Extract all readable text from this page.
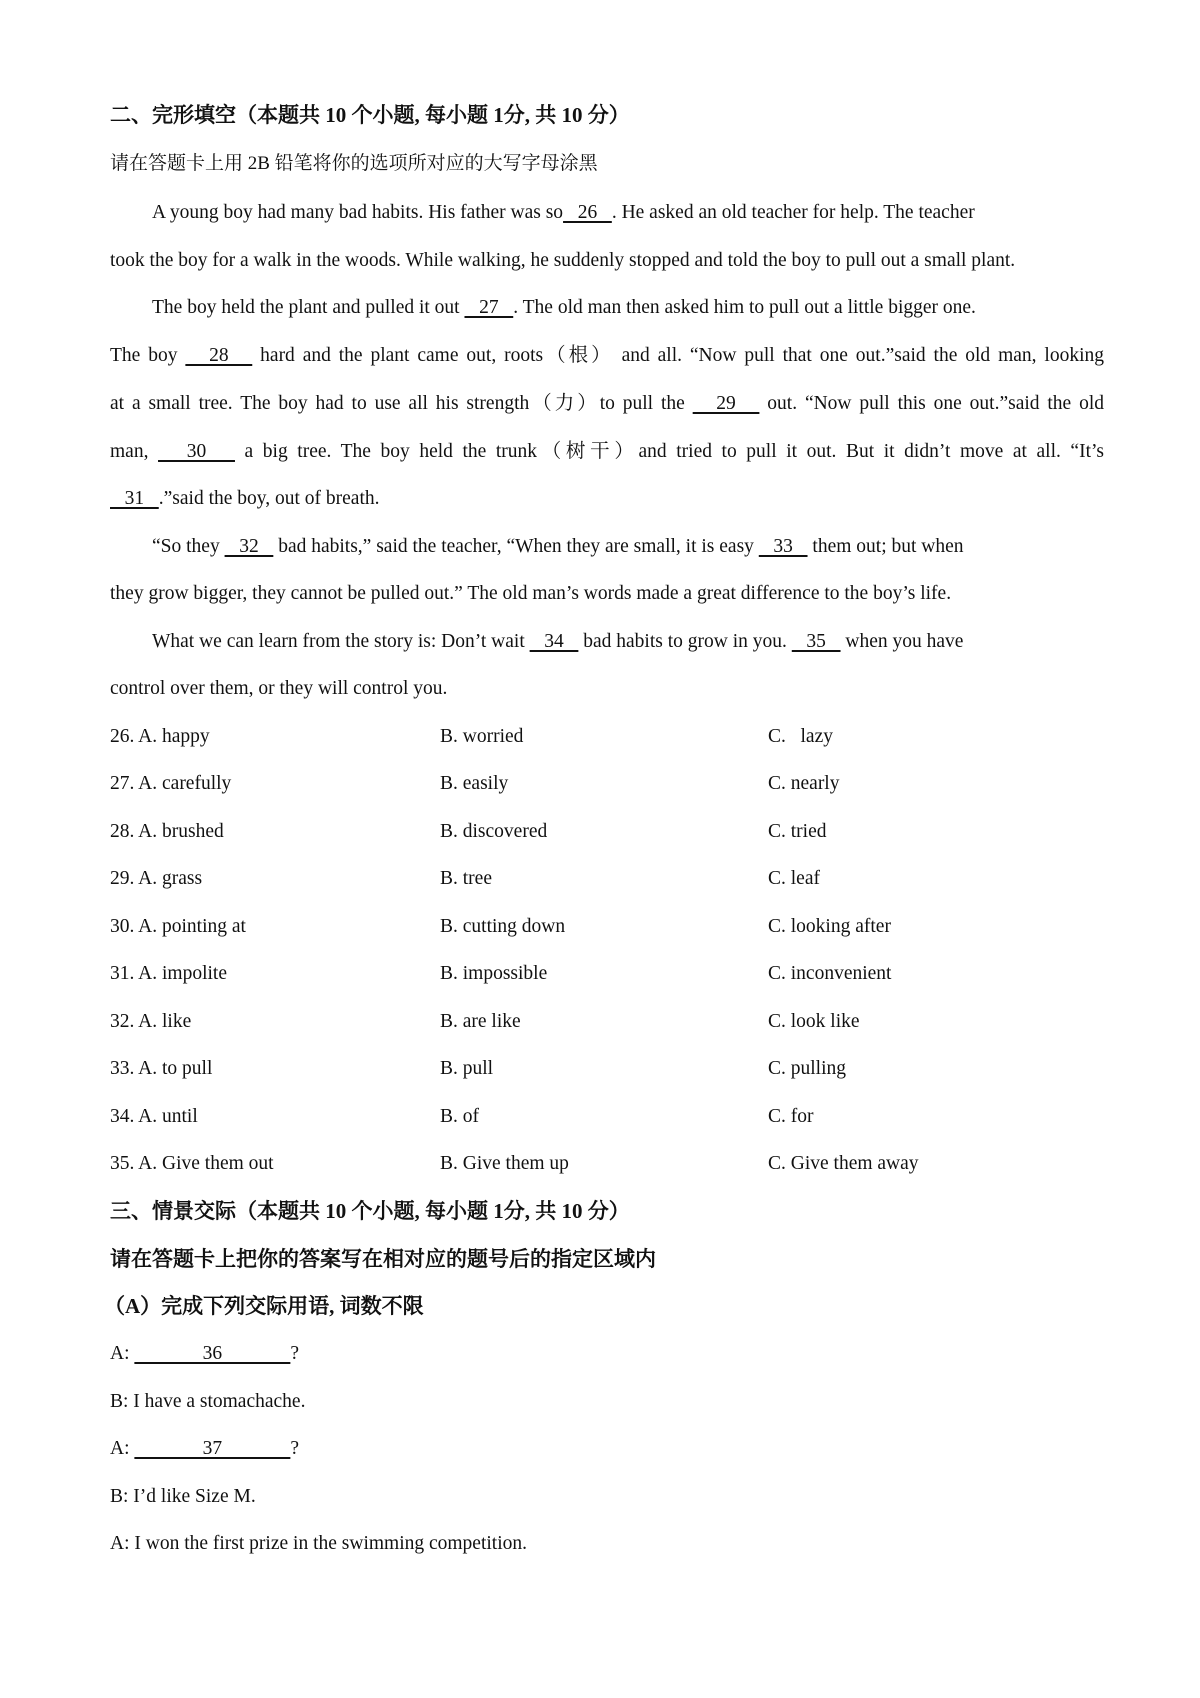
二、完形填空（本题共 10 个小题, 每小题 1分, 共 10 分）
请在答题卡上用 2B 铅笔将你的选项所对应的大写字母涂黑
A young boy had many bad habits. His father was so   26   . He asked an old teacher for help. The teacher
took the boy for a walk in the woods. While walking, he suddenly stopped and told the boy to pull out a small plant.
The boy held the plant and pulled it out    27   . The old man then asked him to pull out a little bigger one.
The boy    28    hard and the plant came out, roots（根） and all. “Now pull that one out.”said the old man, looking
at a small tree. The boy had to use all his strength（力）to pull the    29    out. “Now pull this one out.”said the old
man,    30    a big tree. The boy held the trunk（树干）and tried to pull it out. But it didn’t move at all. “It’s
31   .”said the boy, out of breath.
“So they    32    bad habits,” said the teacher, “When they are small, it is easy    33    them out; but when
they grow bigger, they cannot be pulled out.” The old man’s words made a great difference to the boy’s life.
What we can learn from the story is: Don’t wait    34    bad habits to grow in you.    35    when you have
control over them, or they will control you.
26. A. happy	B. worried	C.   lazy
27. A. carefully	B. easily	C. nearly
28. A. brushed	B. discovered	C. tried
29. A. grass	B. tree	C. leaf
30. A. pointing at	B. cutting down	C. looking after
31. A. impolite	B. impossible	C. inconvenient
32. A. like	B. are like	C. look like
33. A. to pull	B. pull	C. pulling
34. A. until	B. of	C. for
35. A. Give them out	B. Give them up	C. Give them away
三、情景交际（本题共 10 个小题, 每小题 1分, 共 10 分）
请在答题卡上把你的答案写在相对应的题号后的指定区域内
（A）完成下列交际用语, 词数不限
A:               36              ?
B: I have a stomachache.
A:               37              ?
B: I’d like Size M.
A: I won the first prize in the swimming competition.
